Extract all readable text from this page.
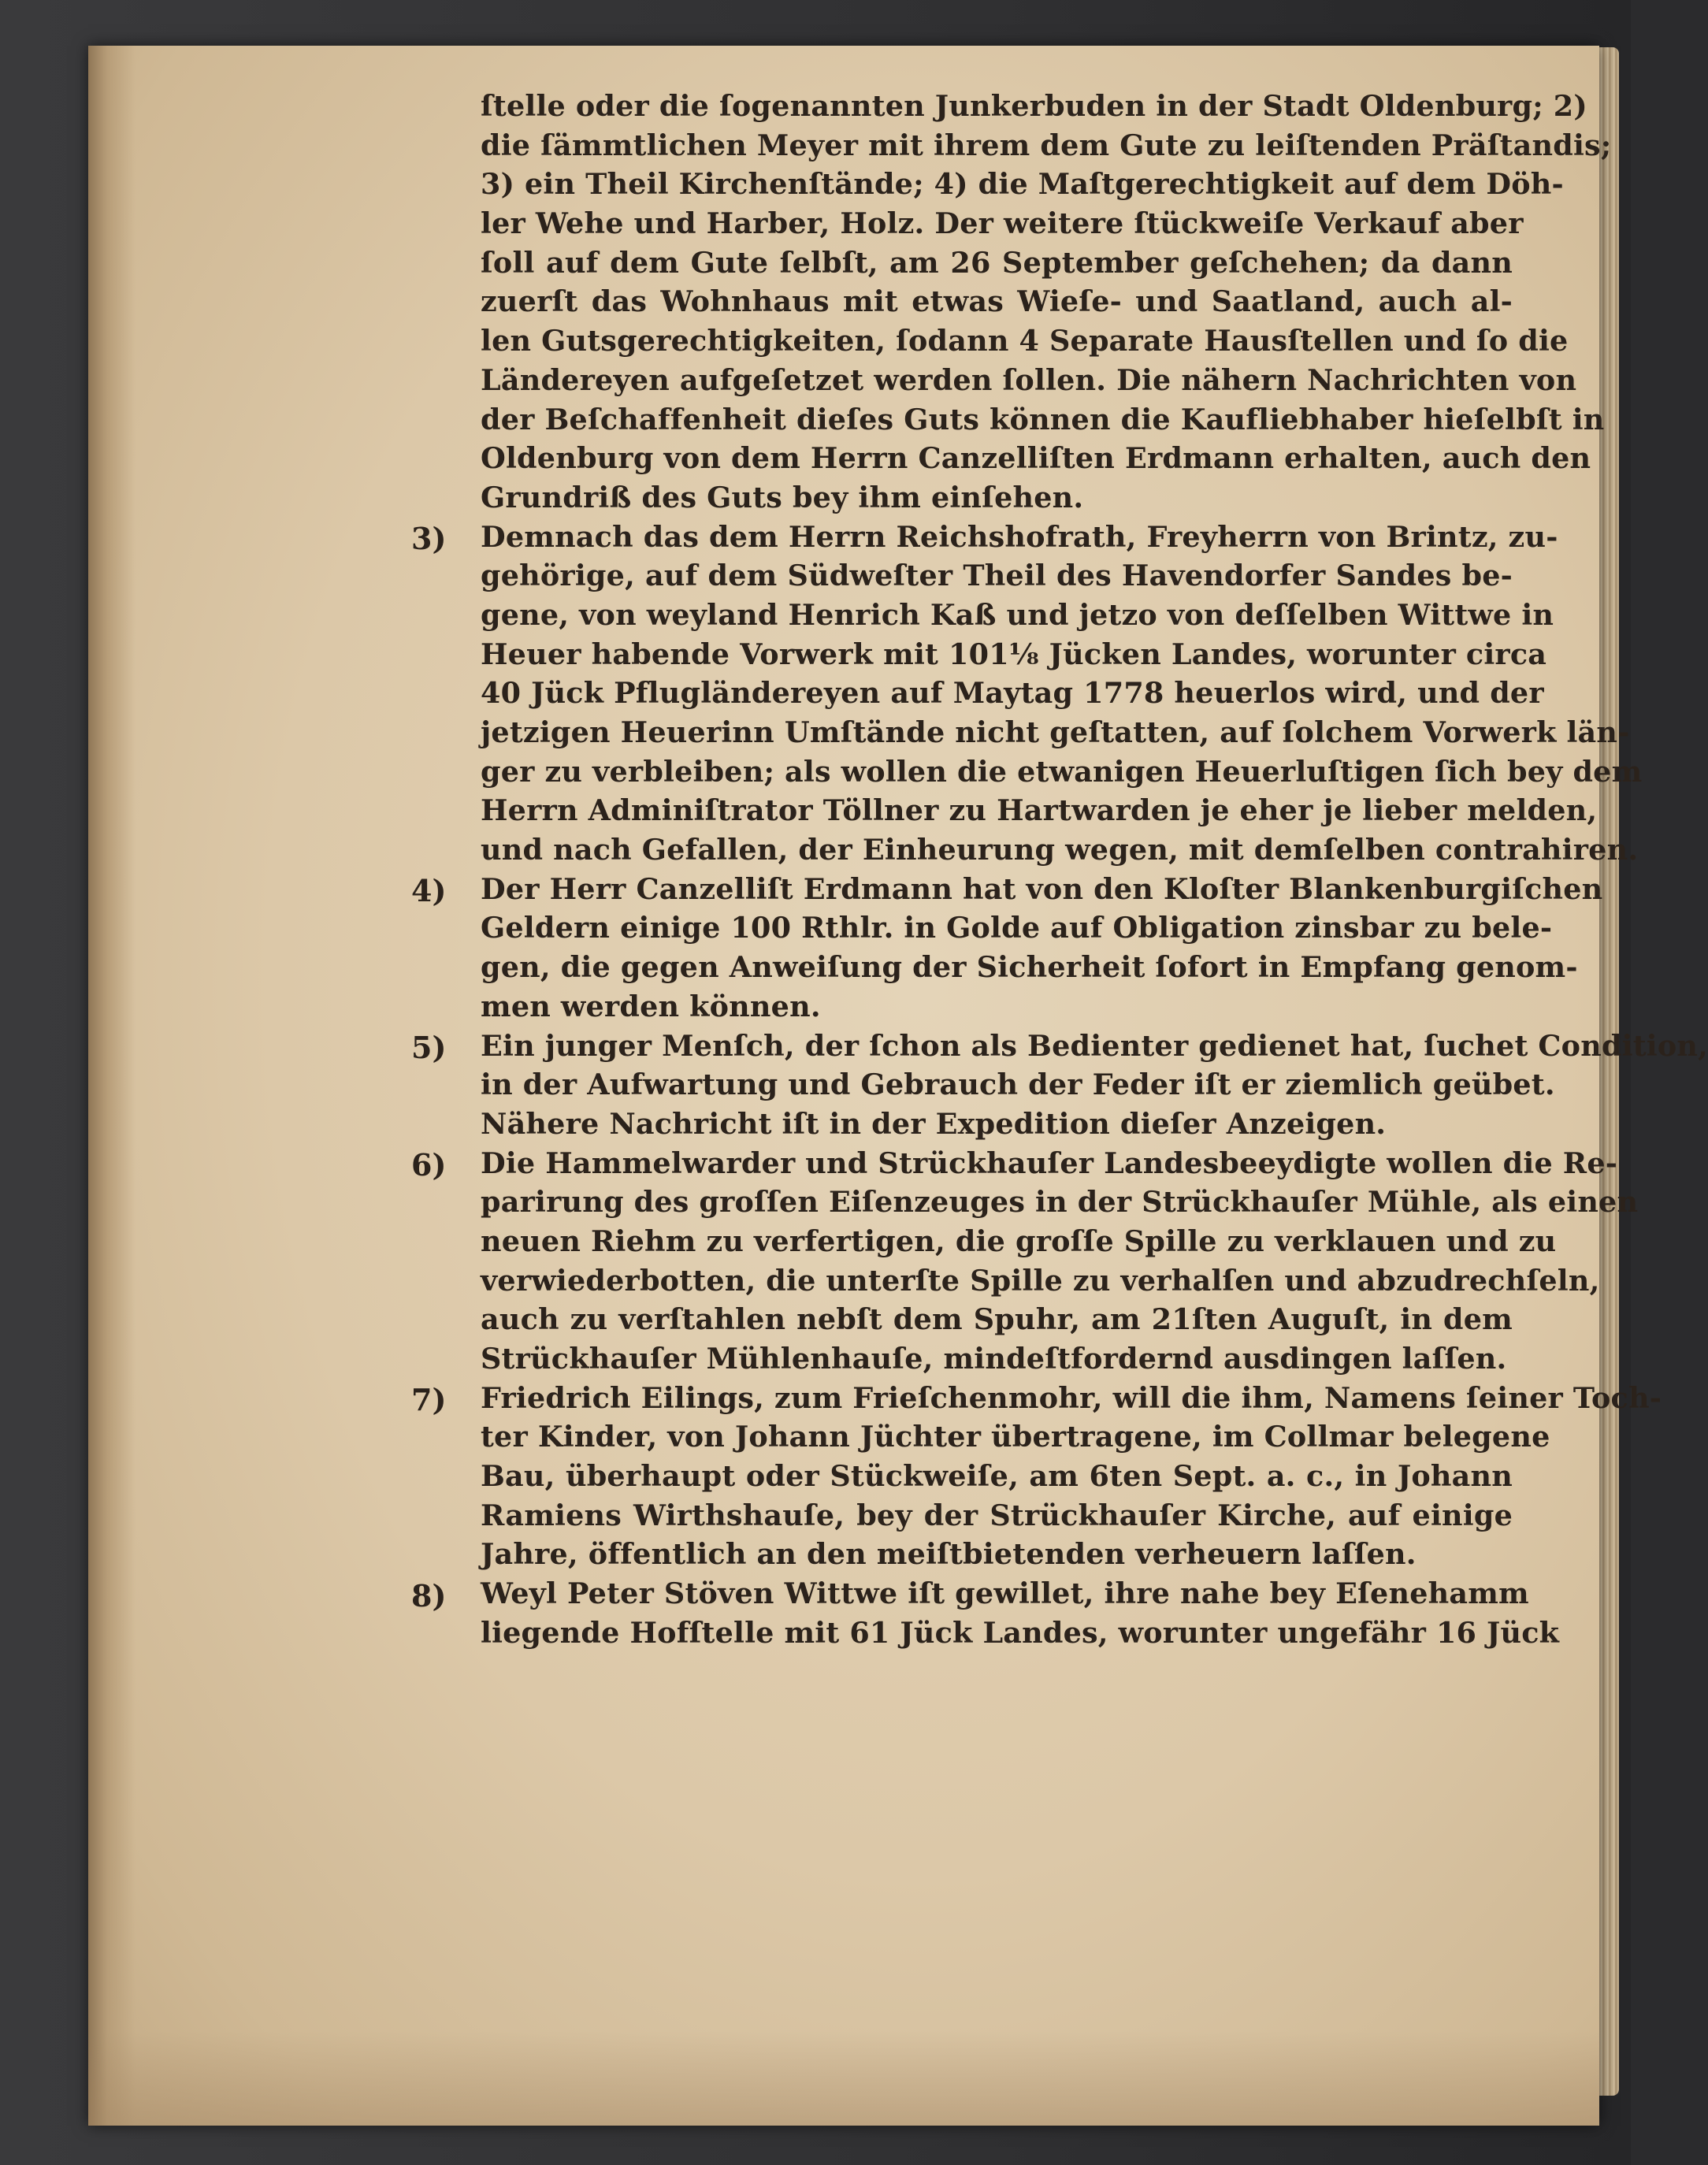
3)
4)
5)
6)
7)
8)
ſtelle oder die ſogenannten Junkerbuden in der Stadt Oldenburg; 2)
die ſämmtlichen Meyer mit ihrem dem Gute zu leiſtenden Präſtandis;
3) ein Theil Kirchenſtände; 4) die Maſtgerechtigkeit auf dem Döh-
ler Wehe und Harber, Holz. Der weitere ſtückweiſe Verkauf aber
ſoll auf dem Gute ſelbſt, am 26 September geſchehen; da dann
zuerſt das Wohnhaus mit etwas Wieſe- und Saatland, auch al-
len Gutsgerechtigkeiten, ſodann 4 Separate Hausſtellen und ſo die
Ländereyen aufgeſetzet werden ſollen. Die nähern Nachrichten von
der Beſchaffenheit dieſes Guts können die Kaufliebhaber hieſelbſt in
Oldenburg von dem Herrn Canzelliſten Erdmann erhalten, auch den
Grundriß des Guts bey ihm einſehen.
Demnach das dem Herrn Reichshofrath, Freyherrn von Brintz, zu-
gehörige, auf dem Südweſter Theil des Havendorfer Sandes be-
gene, von weyland Henrich Kaß und jetzo von deſſelben Wittwe in
Heuer habende Vorwerk mit 101⅛ Jücken Landes, worunter circa
40 Jück Pflugländereyen auf Maytag 1778 heuerlos wird, und der
jetzigen Heuerinn Umſtände nicht geſtatten, auf ſolchem Vorwerk län-
ger zu verbleiben; als wollen die etwanigen Heuerluſtigen ſich bey dem
Herrn Adminiſtrator Töllner zu Hartwarden je eher je lieber melden,
und nach Gefallen, der Einheurung wegen, mit demſelben contrahiren.
Der Herr Canzelliſt Erdmann hat von den Kloſter Blankenburgiſchen
Geldern einige 100 Rthlr. in Golde auf Obligation zinsbar zu bele-
gen, die gegen Anweiſung der Sicherheit ſofort in Empfang genom-
men werden können.
Ein junger Menſch, der ſchon als Bedienter gedienet hat, ſuchet Condition,
in der Aufwartung und Gebrauch der Feder iſt er ziemlich geübet.
Nähere Nachricht iſt in der Expedition dieſer Anzeigen.
Die Hammelwarder und Strückhauſer Landesbeeydigte wollen die Re-
parirung des groſſen Eiſenzeuges in der Strückhauſer Mühle, als einen
neuen Riehm zu verfertigen, die groſſe Spille zu verklauen und zu
verwiederbotten, die unterſte Spille zu verhalſen und abzudrechſeln,
auch zu verſtahlen nebſt dem Spuhr, am 21ſten Auguſt, in dem
Strückhauſer Mühlenhauſe, mindeſtfordernd ausdingen laſſen.
Friedrich Eilings, zum Frieſchenmohr, will die ihm, Namens ſeiner Toch-
ter Kinder, von Johann Jüchter übertragene, im Collmar belegene
Bau, überhaupt oder Stückweiſe, am 6ten Sept. a. c., in Johann
Ramiens Wirthshauſe, bey der Strückhauſer Kirche, auf einige
Jahre, öffentlich an den meiſtbietenden verheuern laſſen.
Weyl Peter Stöven Wittwe iſt gewillet, ihre nahe bey Eſenehamm
liegende Hofſtelle mit 61 Jück Landes, worunter ungefähr 16 Jück
